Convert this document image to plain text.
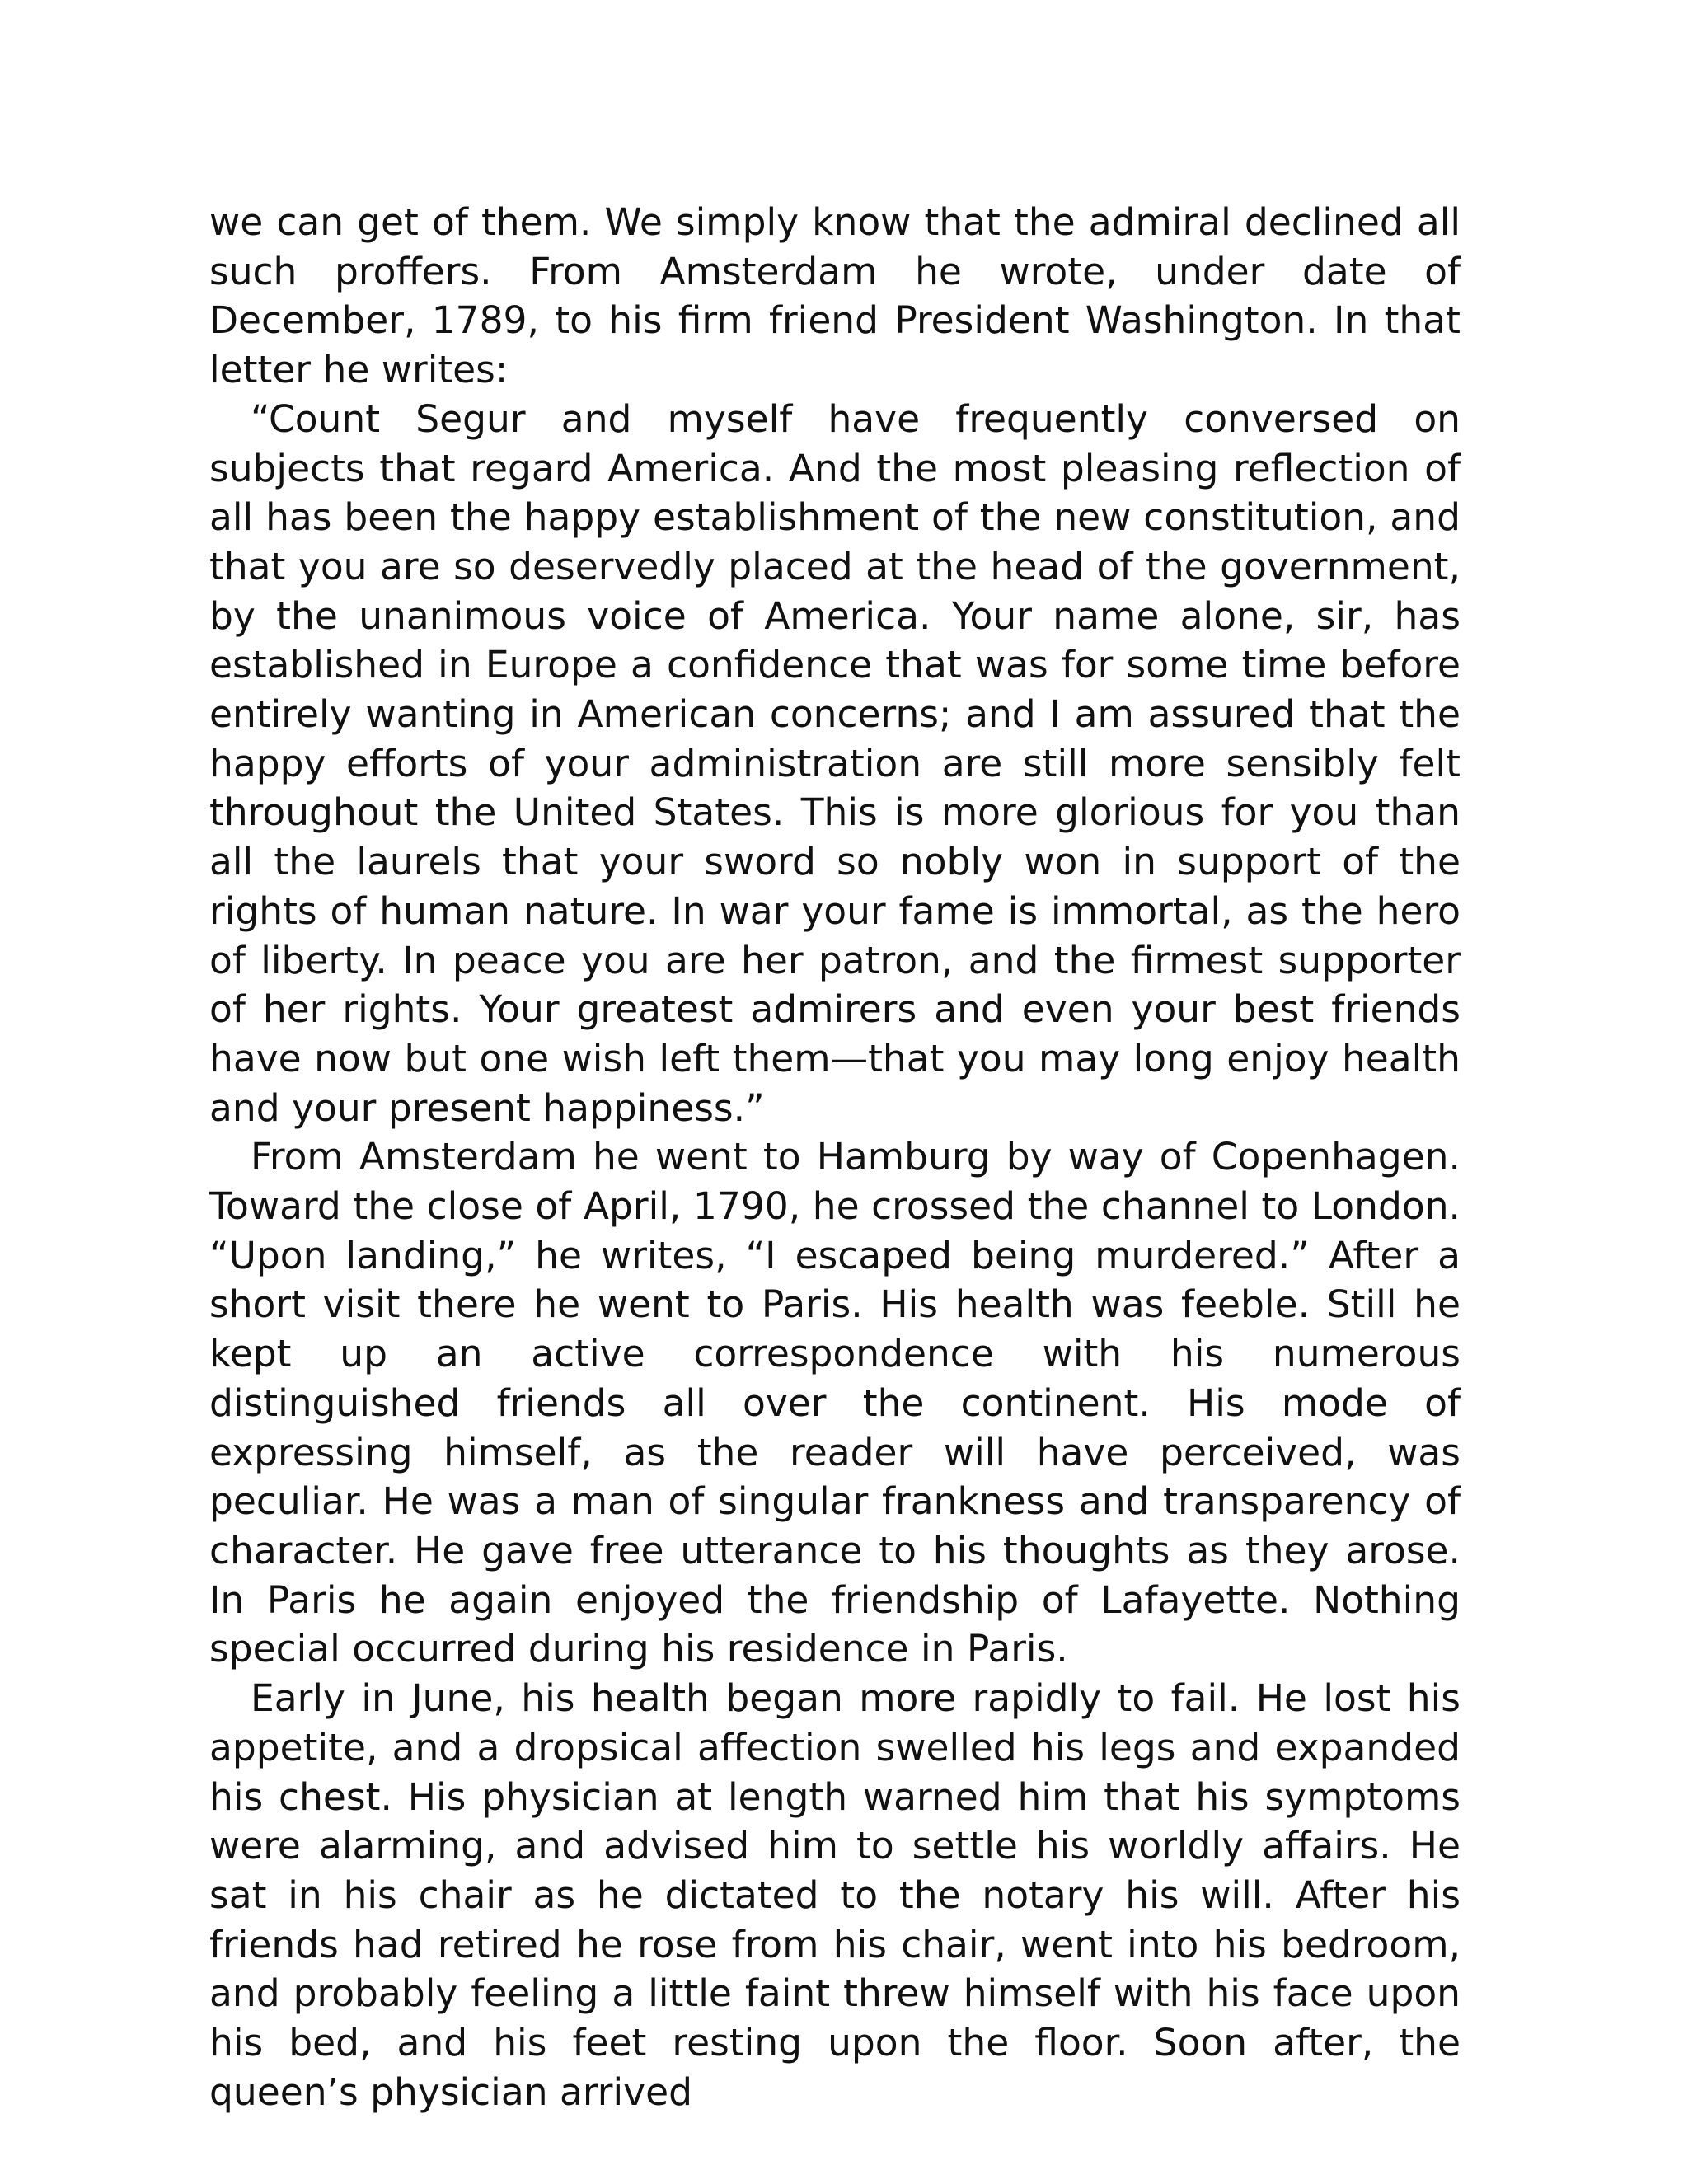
we can get of them. We simply know that the admiral declined all such proffers. From Amsterdam he wrote, under date of December, 1789, to his firm friend President Washington. In that letter he writes:

“Count Segur and myself have frequently conversed on subjects that regard America. And the most pleasing reflection of all has been the happy establishment of the new constitution, and that you are so deservedly placed at the head of the government, by the unanimous voice of America. Your name alone, sir, has established in Europe a confidence that was for some time before entirely wanting in American concerns; and I am assured that the happy efforts of your administration are still more sensibly felt throughout the United States. This is more glorious for you than all the laurels that your sword so nobly won in support of the rights of human nature. In war your fame is immortal, as the hero of liberty. In peace you are her patron, and the firmest supporter of her rights. Your greatest admirers and even your best friends have now but one wish left them—that you may long enjoy health and your present happiness.”

From Amsterdam he went to Hamburg by way of Copenhagen. Toward the close of April, 1790, he crossed the channel to London. “Upon landing,” he writes, “I escaped being murdered.” After a short visit there he went to Paris. His health was feeble. Still he kept up an active correspondence with his numerous distinguished friends all over the continent. His mode of expressing himself, as the reader will have perceived, was peculiar. He was a man of singular frankness and transparency of character. He gave free utterance to his thoughts as they arose. In Paris he again enjoyed the friendship of Lafayette. Nothing special occurred during his residence in Paris.

Early in June, his health began more rapidly to fail. He lost his appetite, and a dropsical affection swelled his legs and expanded his chest. His physician at length warned him that his symptoms were alarming, and advised him to settle his worldly affairs. He sat in his chair as he dictated to the notary his will. After his friends had retired he rose from his chair, went into his bedroom, and probably feeling a little faint threw himself with his face upon his bed, and his feet resting upon the floor. Soon after, the queen’s physician arrived
